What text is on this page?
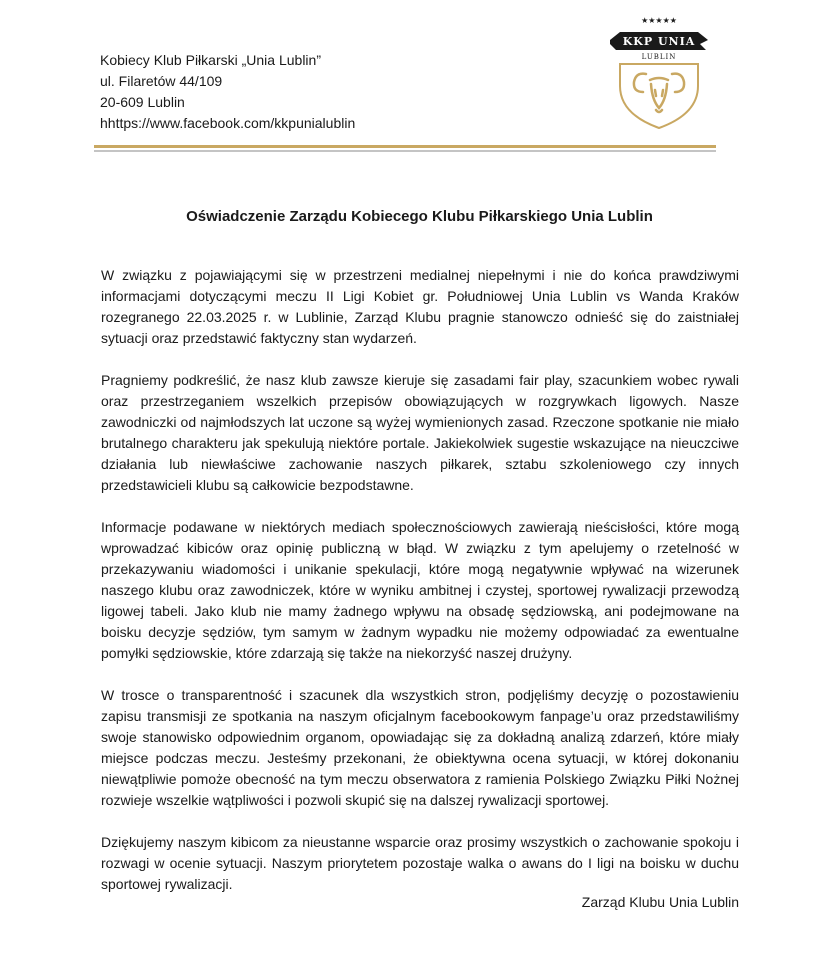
Kobiecy Klub Piłkarski „Unia Lublin”
ul. Filaretów 44/109
20-609 Lublin
hhttps://www.facebook.com/kkpunialublin
★★★★★
KKP UNIA
LUBLIN
Oświadczenie Zarządu Kobiecego Klubu Piłkarskiego Unia Lublin

W związku z pojawiającymi się w przestrzeni medialnej niepełnymi i nie do końca prawdziwymi informacjami dotyczącymi meczu II Ligi Kobiet gr. Południowej Unia Lublin vs Wanda Kraków rozegranego 22.03.2025 r. w Lublinie, Zarząd Klubu pragnie stanowczo odnieść się do zaistniałej sytuacji oraz przedstawić faktyczny stan wydarzeń.

Pragniemy podkreślić, że nasz klub zawsze kieruje się zasadami fair play, szacunkiem wobec rywali oraz przestrzeganiem wszelkich przepisów obowiązujących w rozgrywkach ligowych. Nasze zawodniczki od najmłodszych lat uczone są wyżej wymienionych zasad. Rzeczone spotkanie nie miało brutalnego charakteru jak spekulują niektóre portale. Jakiekolwiek sugestie wskazujące na nieuczciwe działania lub niewłaściwe zachowanie naszych piłkarek, sztabu szkoleniowego czy innych przedstawicieli klubu są całkowicie bezpodstawne.

Informacje podawane w niektórych mediach społecznościowych zawierają nieścisłości, które mogą wprowadzać kibiców oraz opinię publiczną w błąd. W związku z tym apelujemy o rzetelność w przekazywaniu wiadomości i unikanie spekulacji, które mogą negatywnie wpływać na wizerunek naszego klubu oraz zawodniczek, które w wyniku ambitnej i czystej, sportowej rywalizacji przewodzą ligowej tabeli. Jako klub nie mamy żadnego wpływu na obsadę sędziowską, ani podejmowane na boisku decyzje sędziów, tym samym w żadnym wypadku nie możemy odpowiadać za ewentualne pomyłki sędziowskie, które zdarzają się także na niekorzyść naszej drużyny.

W trosce o transparentność i szacunek dla wszystkich stron, podjęliśmy decyzję o pozostawieniu zapisu transmisji ze spotkania na naszym oficjalnym facebookowym fanpage’u oraz przedstawiliśmy swoje stanowisko odpowiednim organom, opowiadając się za dokładną analizą zdarzeń, które miały miejsce podczas meczu. Jesteśmy przekonani, że obiektywna ocena sytuacji, w której dokonaniu niewątpliwie pomoże obecność na tym meczu obserwatora z ramienia Polskiego Związku Piłki Nożnej rozwieje wszelkie wątpliwości i pozwoli skupić się na dalszej rywalizacji sportowej.

Dziękujemy naszym kibicom za nieustanne wsparcie oraz prosimy wszystkich o zachowanie spokoju i rozwagi w ocenie sytuacji. Naszym priorytetem pozostaje walka o awans do I ligi na boisku w duchu sportowej rywalizacji.

Zarząd Klubu Unia Lublin
